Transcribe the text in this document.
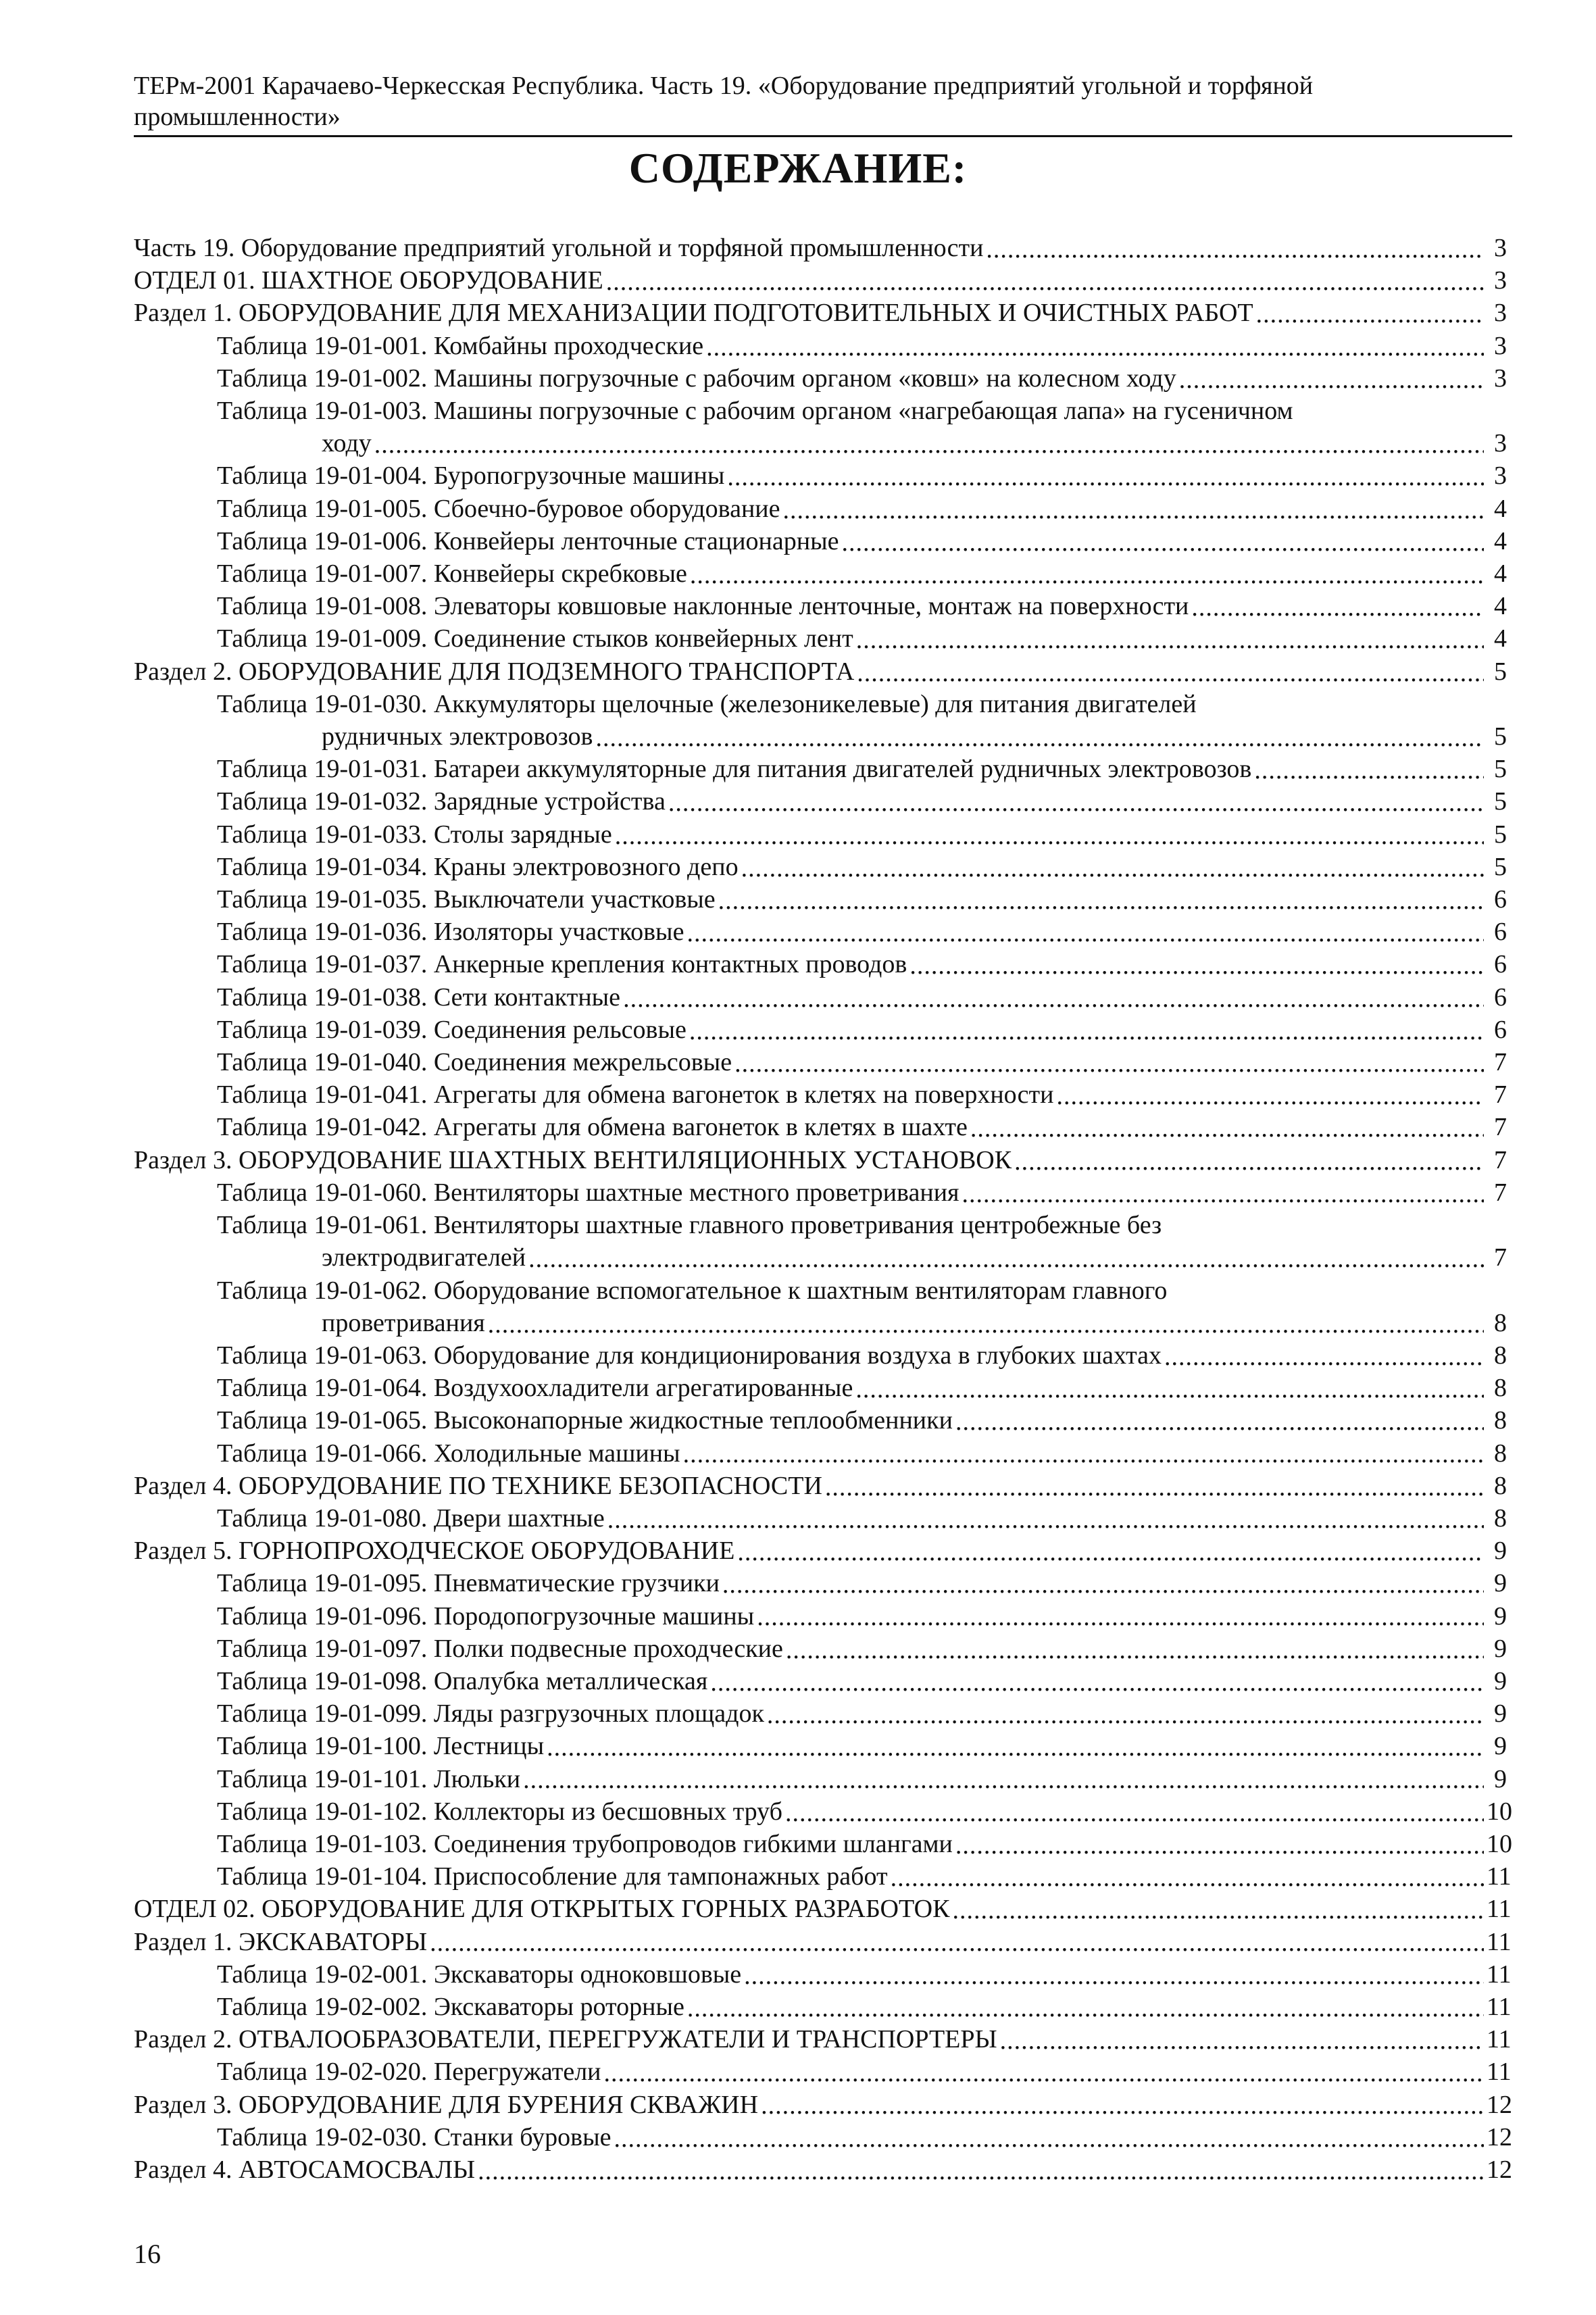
ТЕРм-2001 Карачаево-Черкесская Республика. Часть 19. «Оборудование предприятий угольной и торфяной промышленности»
СОДЕРЖАНИЕ:
Часть 19. Оборудование предприятий угольной и торфяной промышленности .....	3
ОТДЕЛ 01. ШАХТНОЕ ОБОРУДОВАНИЕ .....	3
Раздел 1. ОБОРУДОВАНИЕ ДЛЯ МЕХАНИЗАЦИИ ПОДГОТОВИТЕЛЬНЫХ И ОЧИСТНЫХ РАБОТ .....	3
Таблица 19-01-001. Комбайны проходческие .....	3
Таблица 19-01-002. Машины погрузочные с рабочим органом «ковш» на колесном ходу .....	3
Таблица 19-01-003. Машины погрузочные с рабочим органом «нагребающая лапа» на гусеничном
ходу .....	3
Таблица 19-01-004. Буропогрузочные машины .....	3
Таблица 19-01-005. Сбоечно-буровое оборудование .....	4
Таблица 19-01-006. Конвейеры ленточные стационарные .....	4
Таблица 19-01-007. Конвейеры скребковые .....	4
Таблица 19-01-008. Элеваторы ковшовые наклонные ленточные, монтаж на поверхности .....	4
Таблица 19-01-009. Соединение стыков конвейерных лент .....	4
Раздел 2. ОБОРУДОВАНИЕ ДЛЯ ПОДЗЕМНОГО ТРАНСПОРТА .....	5
Таблица 19-01-030. Аккумуляторы щелочные (железоникелевые) для питания двигателей
рудничных электровозов .....	5
Таблица 19-01-031. Батареи аккумуляторные для питания двигателей рудничных электровозов .....	5
Таблица 19-01-032. Зарядные устройства .....	5
Таблица 19-01-033. Столы зарядные .....	5
Таблица 19-01-034. Краны электровозного депо .....	5
Таблица 19-01-035. Выключатели участковые .....	6
Таблица 19-01-036. Изоляторы участковые .....	6
Таблица 19-01-037. Анкерные крепления контактных проводов .....	6
Таблица 19-01-038. Сети контактные .....	6
Таблица 19-01-039. Соединения рельсовые .....	6
Таблица 19-01-040. Соединения межрельсовые .....	7
Таблица 19-01-041. Агрегаты для обмена вагонеток в клетях на поверхности .....	7
Таблица 19-01-042. Агрегаты для обмена вагонеток в клетях в шахте .....	7
Раздел 3. ОБОРУДОВАНИЕ ШАХТНЫХ ВЕНТИЛЯЦИОННЫХ УСТАНОВОК .....	7
Таблица 19-01-060. Вентиляторы шахтные местного проветривания .....	7
Таблица 19-01-061. Вентиляторы шахтные главного проветривания центробежные без
электродвигателей .....	7
Таблица 19-01-062. Оборудование вспомогательное к шахтным вентиляторам главного
проветривания .....	8
Таблица 19-01-063. Оборудование для кондиционирования воздуха в глубоких шахтах .....	8
Таблица 19-01-064. Воздухоохладители агрегатированные .....	8
Таблица 19-01-065. Высоконапорные жидкостные теплообменники .....	8
Таблица 19-01-066. Холодильные машины .....	8
Раздел 4. ОБОРУДОВАНИЕ ПО ТЕХНИКЕ БЕЗОПАСНОСТИ .....	8
Таблица 19-01-080. Двери шахтные .....	8
Раздел 5. ГОРНОПРОХОДЧЕСКОЕ ОБОРУДОВАНИЕ .....	9
Таблица 19-01-095. Пневматические грузчики .....	9
Таблица 19-01-096. Породопогрузочные машины .....	9
Таблица 19-01-097. Полки подвесные проходческие .....	9
Таблица 19-01-098. Опалубка металлическая .....	9
Таблица 19-01-099. Ляды разгрузочных площадок .....	9
Таблица 19-01-100. Лестницы .....	9
Таблица 19-01-101. Люльки .....	9
Таблица 19-01-102. Коллекторы из бесшовных труб .....	10
Таблица 19-01-103. Соединения трубопроводов гибкими шлангами .....	10
Таблица 19-01-104. Приспособление для тампонажных работ .....	11
ОТДЕЛ 02. ОБОРУДОВАНИЕ ДЛЯ ОТКРЫТЫХ ГОРНЫХ РАЗРАБОТОК .....	11
Раздел 1. ЭКСКАВАТОРЫ .....	11
Таблица 19-02-001. Экскаваторы одноковшовые .....	11
Таблица 19-02-002. Экскаваторы роторные .....	11
Раздел 2. ОТВАЛООБРАЗОВАТЕЛИ, ПЕРЕГРУЖАТЕЛИ И ТРАНСПОРТЕРЫ .....	11
Таблица 19-02-020. Перегружатели .....	11
Раздел 3. ОБОРУДОВАНИЕ ДЛЯ БУРЕНИЯ СКВАЖИН .....	12
Таблица 19-02-030. Станки буровые .....	12
Раздел 4. АВТОСАМОСВАЛЫ .....	12
16
